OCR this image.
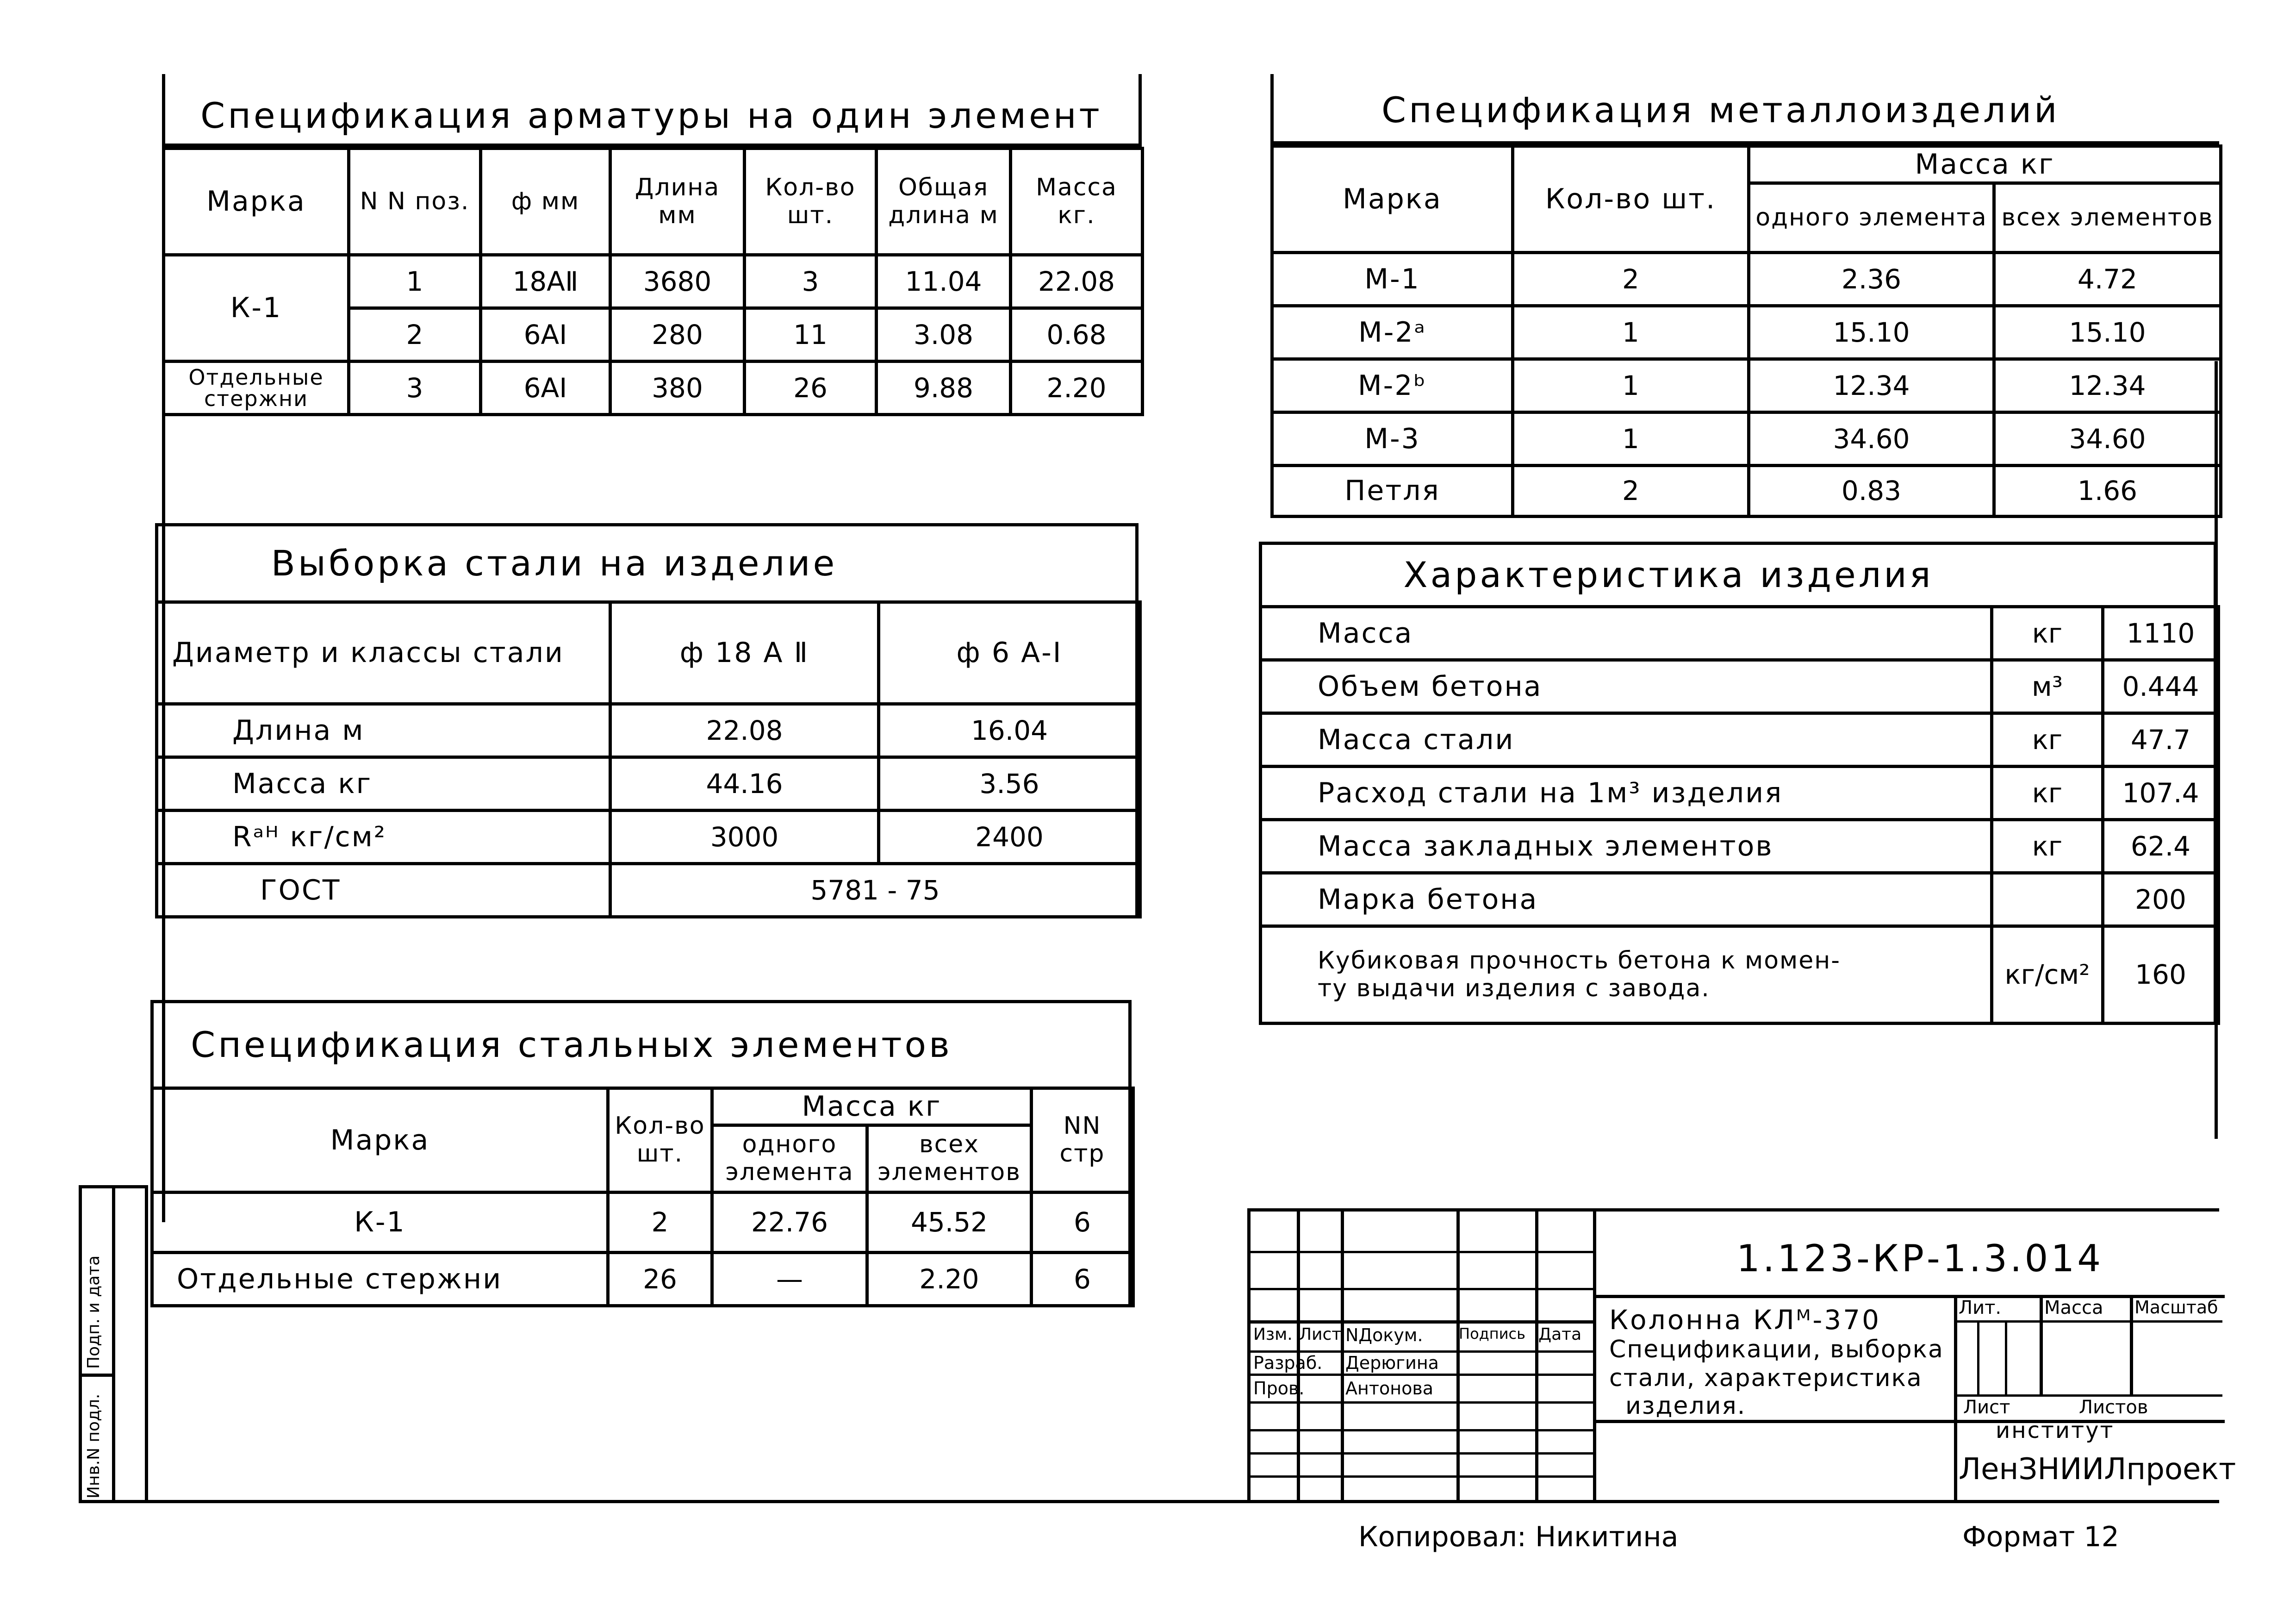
Спецификация арматуры на один элемент
Марка	N N поз.	ф мм	Длина мм	Кол-во шт.	Общая длина м	Масса кг.
К-1	1	18АⅡ	3680	3	11.04	22.08
	2	6АⅠ	280	11	3.08	0.68
Отдельные стержни	3	6АⅠ	380	26	9.88	2.20
Выборка стали на изделие
Диаметр и классы стали	ф 18 А Ⅱ	ф 6 А-Ⅰ
Длина м	22.08	16.04
Масса кг	44.16	3.56
Rᵃᴴ кг/см²	3000	2400
ГОСТ	5781 - 75	
Спецификация стальных элементов
Марка	Кол-во шт.	Масса кг		NN стр
		одного элемента	всех элементов	
К-1	2	22.76	45.52	6
Отдельные стержни	26	—	2.20	6
Спецификация металлоизделий
Марка	Кол-во шт.	Масса кг	
		одного элемента	всех элементов
М-1	2	2.36	4.72
М-2ᵃ	1	15.10	15.10
М-2ᵇ	1	12.34	12.34
М-3	1	34.60	34.60
Петля	2	0.83	1.66
Характеристика изделия
Масса	кг	1110
Объем бетона	м³	0.444
Масса стали	кг	47.7
Расход стали на 1м³ изделия	кг	107.4
Масса закладных элементов	кг	62.4
Марка бетона		200
Кубиковая прочность бетона к момен- ту выдачи изделия с завода.	кг/см²	160
Инв.N подл.
Подп. и дата	Изм. Лист NДокум. Подпись Дата
Разраб. Дерюгина
Пров. Антонова
1.123-КР-1.3.014
Колонна КЛᴹ-370
Спецификации, выборка
стали, характеристика
изделия.
Лит. Масса Масштаб
Лист	Листов
институт
ЛенЗНИИЛпроект
Копировал: Никитина	Формат 12
